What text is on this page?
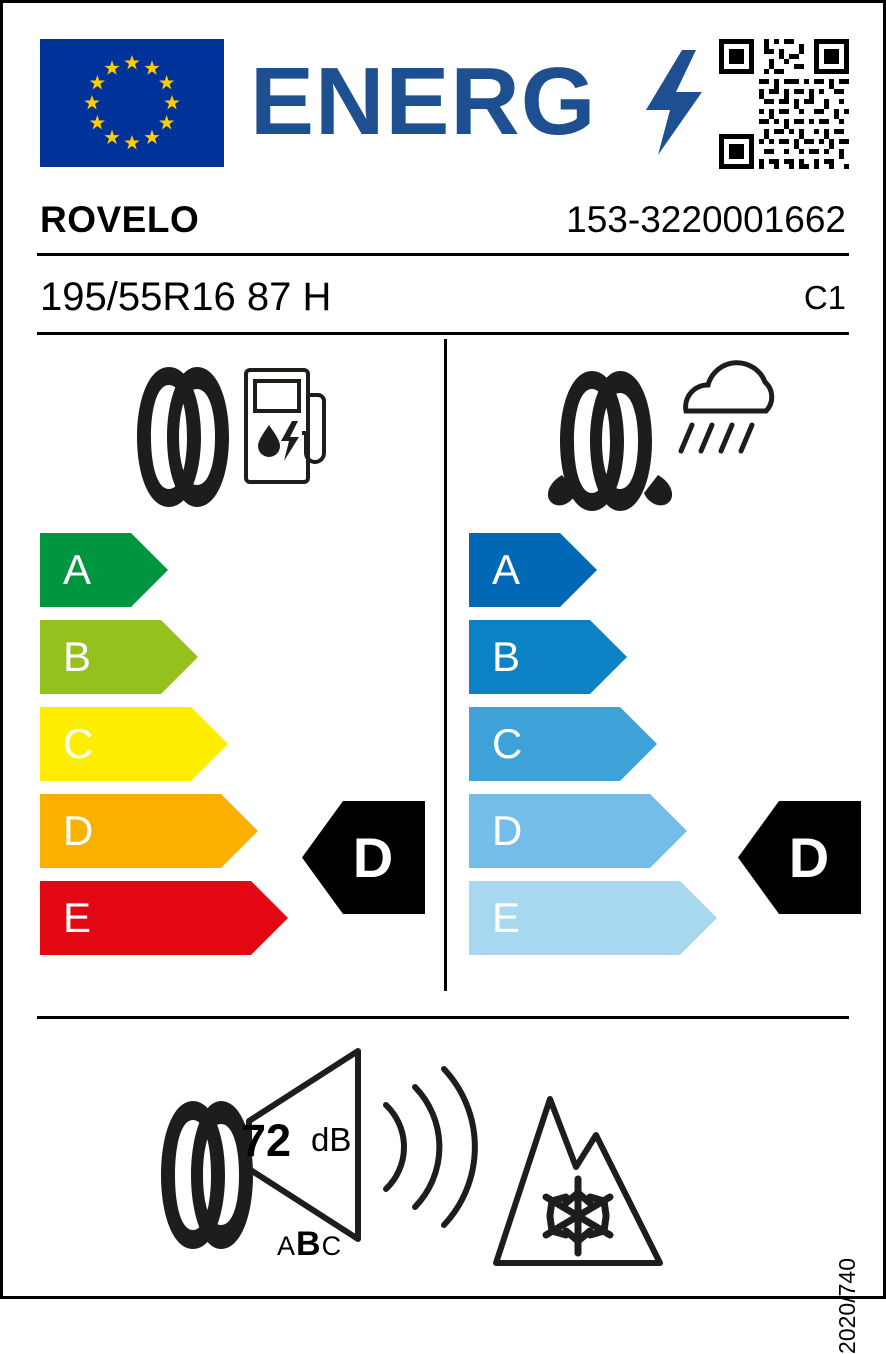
ENERG
ROVELO	153-3220001662
195/55R16 87 H	C1
A
B
C
D
E
D
A
B
C
D
E
D
72 dB
ABC
2020/740
